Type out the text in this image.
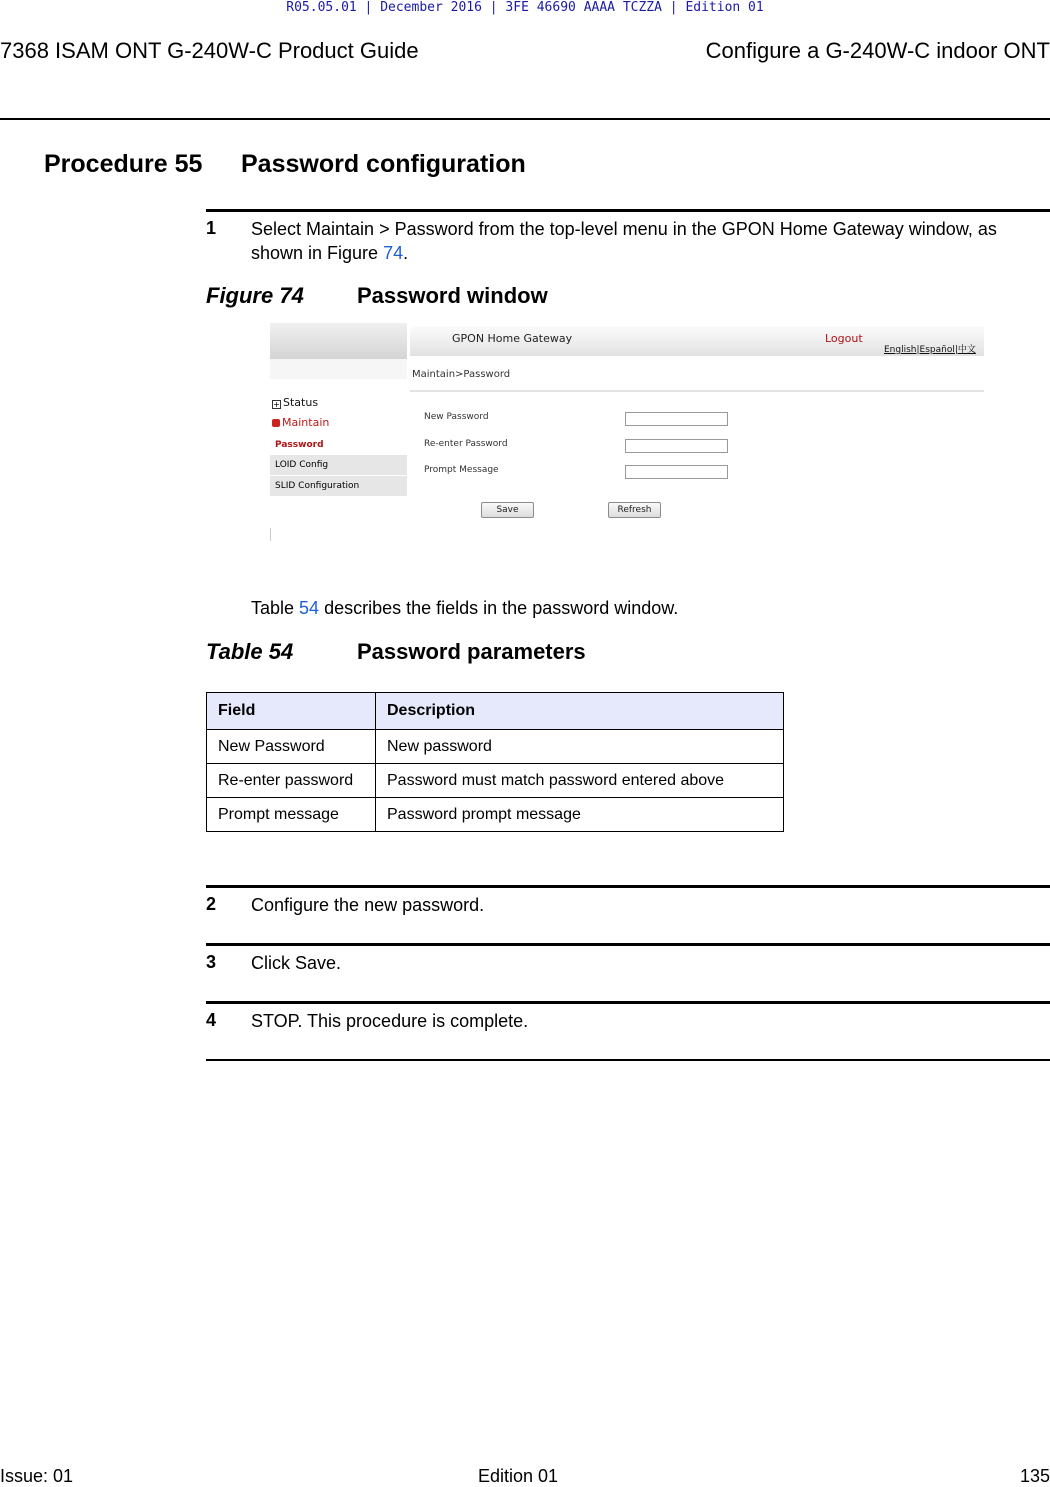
R05.05.01 | December 2016 | 3FE 46690 AAAA TCZZA | Edition 01
7368 ISAM ONT G-240W-C Product Guide	Configure a G-240W-C indoor ONT
Procedure 55 Password configuration
1 Select Maintain > Password from the top-level menu in the GPON Home Gateway window, as shown in Figure 74.
Figure 74 Password window
GPON Home Gateway	Logout
English|Español|中文
Maintain>Password
+ Status
Maintain
Password
LOID Config
SLID Configuration
New Password
Re-enter Password
Prompt Message
Save	Refresh
Table 54 describes the fields in the password window.
Table 54	Password parameters
Field	Description
New Password	New password
Re-enter password	Password must match password entered above
Prompt message	Password prompt message
2 Configure the new password.
3 Click Save.
4 STOP. This procedure is complete.
Issue: 01	Edition 01	135
